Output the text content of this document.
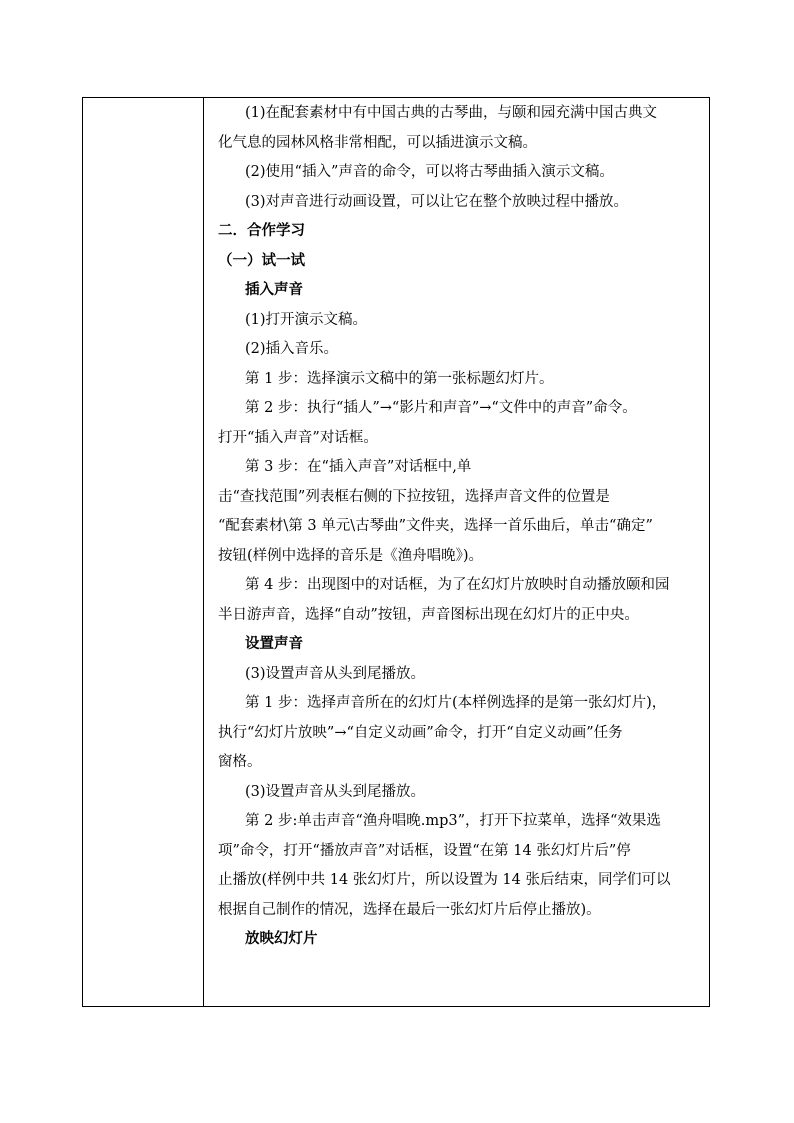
(1)在配套素材中有中国古典的古琴曲，与颐和园充满中国古典文

化气息的园林风格非常相配，可以插进演示文稿。

(2)使用“插入”声音的命令，可以将古琴曲插入演示文稿。

(3)对声音进行动画设置，可以让它在整个放映过程中播放。

二．合作学习

（一）试一试

插入声音

(1)打开演示文稿。

(2)插入音乐。

第 1 步：选择演示文稿中的第一张标题幻灯片。

第 2 步：执行“插人”→“影片和声音”→“文件中的声音”命令。

打开“插入声音”对话框。

第 3 步：在“插入声音”对话框中,单

击“查找范围”列表框右侧的下拉按钮，选择声音文件的位置是

“配套素材\第 3 单元\古琴曲”文件夹，选择一首乐曲后，单击“确定”

按钮(样例中选择的音乐是《渔舟唱晚》)。

第 4 步：出现图中的对话框，为了在幻灯片放映时自动播放颐和园

半日游声音，选择“自动”按钮，声音图标出现在幻灯片的正中央。

设置声音

(3)设置声音从头到尾播放。

第 1 步：选择声音所在的幻灯片(本样例选择的是第一张幻灯片)，

执行“幻灯片放映”→“自定义动画”命令，打开“自定义动画”任务

窗格。

(3)设置声音从头到尾播放。

第 2 步:单击声音“渔舟唱晚.mp3”，打开下拉菜单，选择“效果选

项”命令，打开“播放声音”对话框，设置“在第 14 张幻灯片后”停

止播放(样例中共 14 张幻灯片，所以设置为 14 张后结束，同学们可以

根据自己制作的情况，选择在最后一张幻灯片后停止播放)。

放映幻灯片
